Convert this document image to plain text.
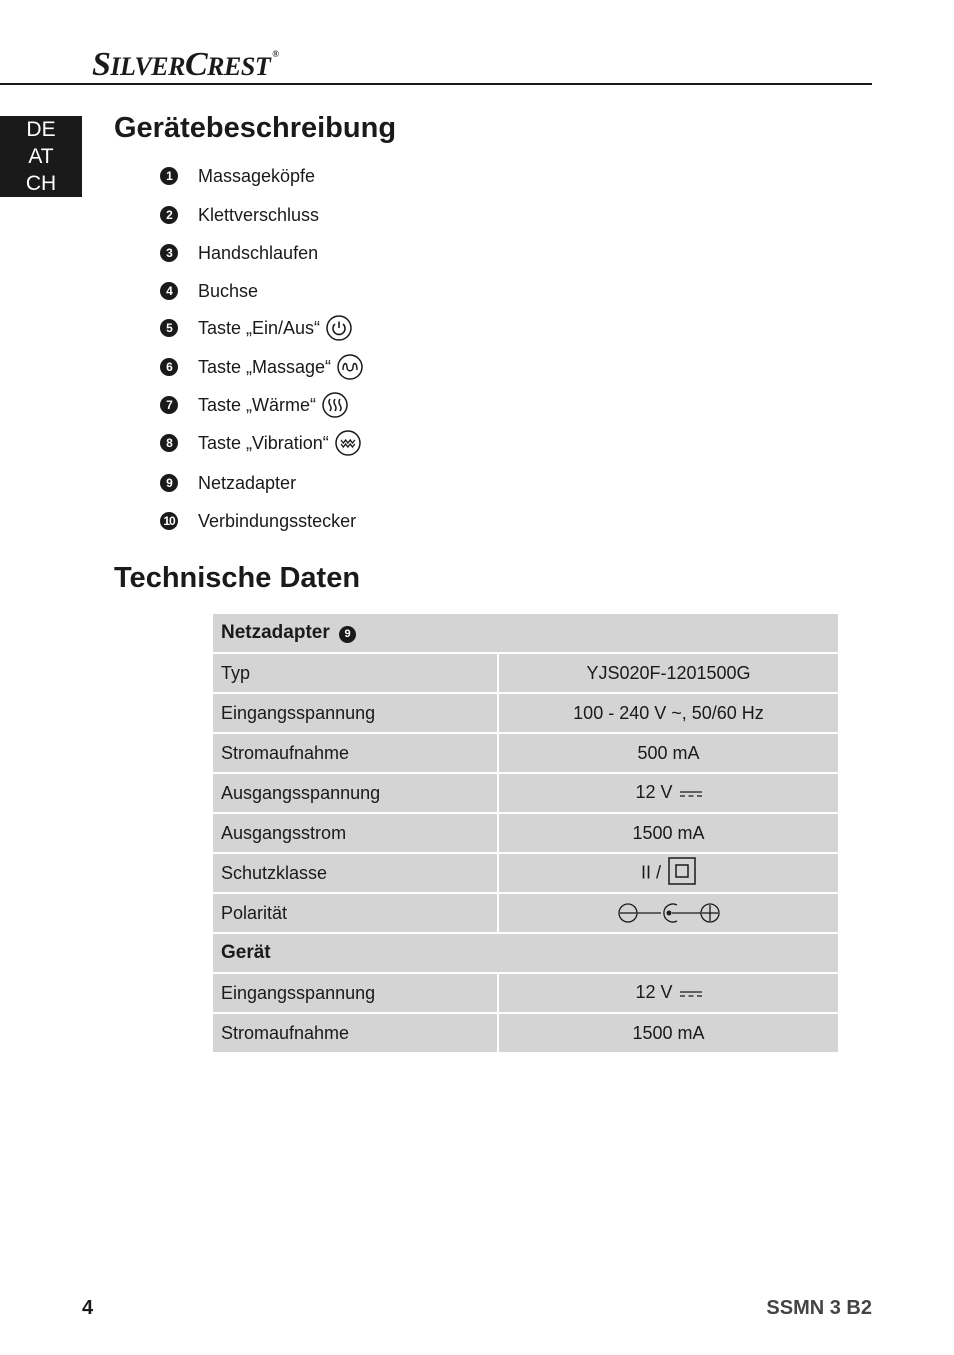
SILVERCREST ®
DE
AT
CH
Gerätebeschreibung
1	Massageköpfe
2	Klettverschluss
3	Handschlaufen
4	Buchse
5	Taste „Ein/Aus“
6	Taste „Massage“
7	Taste „Wärme“
8	Taste „Vibration“
9	Netzadapter
10 Verbindungsstecker
Technische Daten
Netzadapter 9	
Typ	YJS020F-1201500G
Eingangsspannung	100 - 240 V ~, 50/60 Hz
Stromaufnahme	500 mA
Ausgangsspannung	12 V
Ausgangsstrom	1500 mA
Schutzklasse	II /
Polarität	
Gerät	
Eingangsspannung	12 V
Stromaufnahme	1500 mA
4	SSMN 3 B2
